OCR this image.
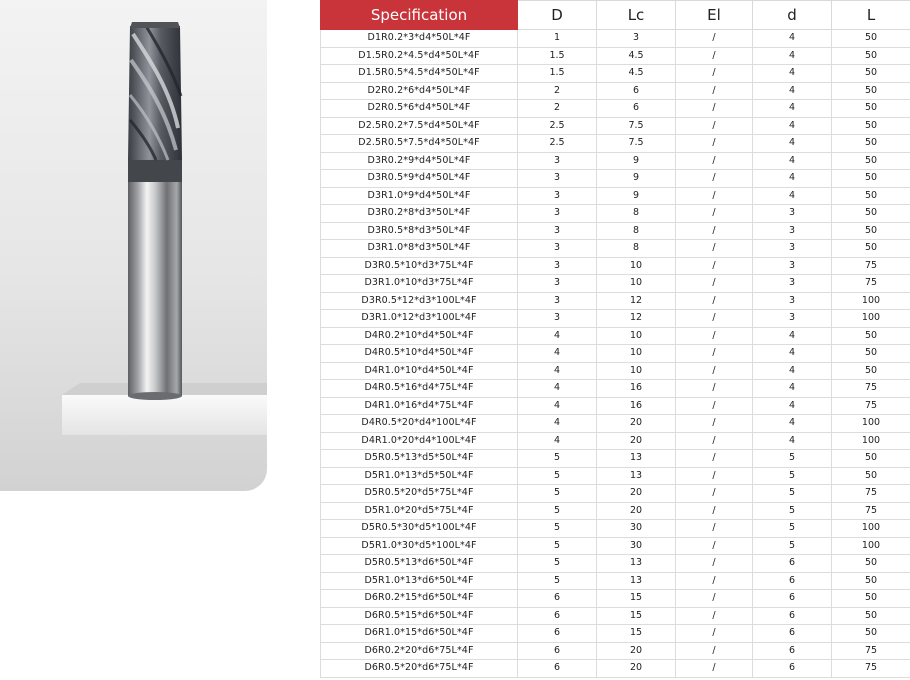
Specification	D	Lc	El	d	L
D1R0.2*3*d4*50L*4F	1	3	/	4	50
D1.5R0.2*4.5*d4*50L*4F	1.5	4.5	/	4	50
D1.5R0.5*4.5*d4*50L*4F	1.5	4.5	/	4	50
D2R0.2*6*d4*50L*4F	2	6	/	4	50
D2R0.5*6*d4*50L*4F	2	6	/	4	50
D2.5R0.2*7.5*d4*50L*4F	2.5	7.5	/	4	50
D2.5R0.5*7.5*d4*50L*4F	2.5	7.5	/	4	50
D3R0.2*9*d4*50L*4F	3	9	/	4	50
D3R0.5*9*d4*50L*4F	3	9	/	4	50
D3R1.0*9*d4*50L*4F	3	9	/	4	50
D3R0.2*8*d3*50L*4F	3	8	/	3	50
D3R0.5*8*d3*50L*4F	3	8	/	3	50
D3R1.0*8*d3*50L*4F	3	8	/	3	50
D3R0.5*10*d3*75L*4F	3	10	/	3	75
D3R1.0*10*d3*75L*4F	3	10	/	3	75
D3R0.5*12*d3*100L*4F	3	12	/	3	100
D3R1.0*12*d3*100L*4F	3	12	/	3	100
D4R0.2*10*d4*50L*4F	4	10	/	4	50
D4R0.5*10*d4*50L*4F	4	10	/	4	50
D4R1.0*10*d4*50L*4F	4	10	/	4	50
D4R0.5*16*d4*75L*4F	4	16	/	4	75
D4R1.0*16*d4*75L*4F	4	16	/	4	75
D4R0.5*20*d4*100L*4F	4	20	/	4	100
D4R1.0*20*d4*100L*4F	4	20	/	4	100
D5R0.5*13*d5*50L*4F	5	13	/	5	50
D5R1.0*13*d5*50L*4F	5	13	/	5	50
D5R0.5*20*d5*75L*4F	5	20	/	5	75
D5R1.0*20*d5*75L*4F	5	20	/	5	75
D5R0.5*30*d5*100L*4F	5	30	/	5	100
D5R1.0*30*d5*100L*4F	5	30	/	5	100
D5R0.5*13*d6*50L*4F	5	13	/	6	50
D5R1.0*13*d6*50L*4F	5	13	/	6	50
D6R0.2*15*d6*50L*4F	6	15	/	6	50
D6R0.5*15*d6*50L*4F	6	15	/	6	50
D6R1.0*15*d6*50L*4F	6	15	/	6	50
D6R0.2*20*d6*75L*4F	6	20	/	6	75
D6R0.5*20*d6*75L*4F	6	20	/	6	75
